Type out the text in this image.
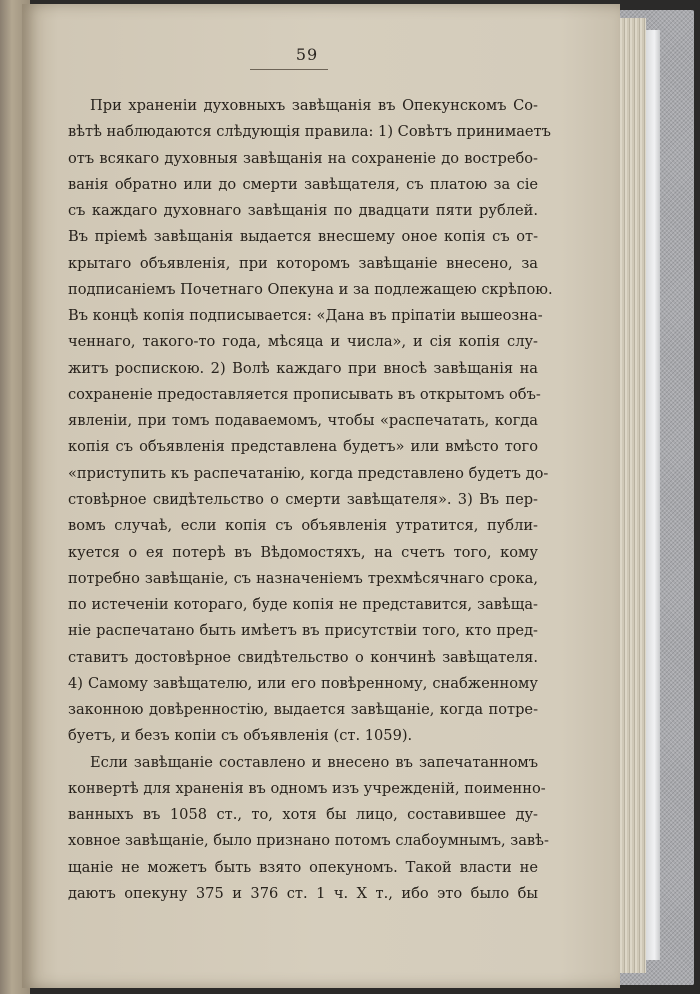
59
При храненіи духовныхъ завѣщанія въ Опекунскомъ Со-
вѣтѣ наблюдаются слѣдующія правила: 1) Совѣтъ принимаетъ
отъ всякаго духовныя завѣщанія на сохраненіе до востребо-
ванія обратно или до смерти завѣщателя, съ платою за сіе
съ каждаго духовнаго завѣщанія по двадцати пяти рублей.
Въ пріемѣ завѣщанія выдается внесшему оное копія съ от-
крытаго объявленія, при которомъ завѣщаніе внесено, за
подписаніемъ Почетнаго Опекуна и за подлежащею скрѣпою.
Въ концѣ копія подписывается: «Дана въ пріпатіи вышеозна-
ченнаго, такого-то года, мѣсяца и числа», и сія копія слу-
житъ роспискою. 2) Волѣ каждаго при вносѣ завѣщанія на
сохраненіе предоставляется прописывать въ открытомъ объ-
явленіи, при томъ подаваемомъ, чтобы «распечатать, когда
копія съ объявленія представлена будетъ» или вмѣсто того
«приступить къ распечатанію, когда представлено будетъ до-
стовѣрное свидѣтельство о смерти завѣщателя». 3) Въ пер-
вомъ случаѣ, если копія съ объявленія утратится, публи-
куется о ея потерѣ въ Вѣдомостяхъ, на счетъ того, кому
потребно завѣщаніе, съ назначеніемъ трехмѣсячнаго срока,
по истеченіи котораго, буде копія не представится, завѣща-
ніе распечатано быть имѣетъ въ присутствіи того, кто пред-
ставитъ достовѣрное свидѣтельство о кончинѣ завѣщателя.
4) Самому завѣщателю, или его повѣренному, снабженному
законною довѣренностію, выдается завѣщаніе, когда потре-
буетъ, и безъ копіи съ объявленія (ст. 1059).
Если завѣщаніе составлено и внесено въ запечатанномъ
конвертѣ для храненія въ одномъ изъ учрежденій, поименно-
ванныхъ въ 1058 ст., то, хотя бы лицо, составившее ду-
ховное завѣщаніе, было признано потомъ слабоумнымъ, завѣ-
щаніе не можетъ быть взято опекуномъ. Такой власти не
даютъ опекуну 375 и 376 ст. 1 ч. X т., ибо это было бы
